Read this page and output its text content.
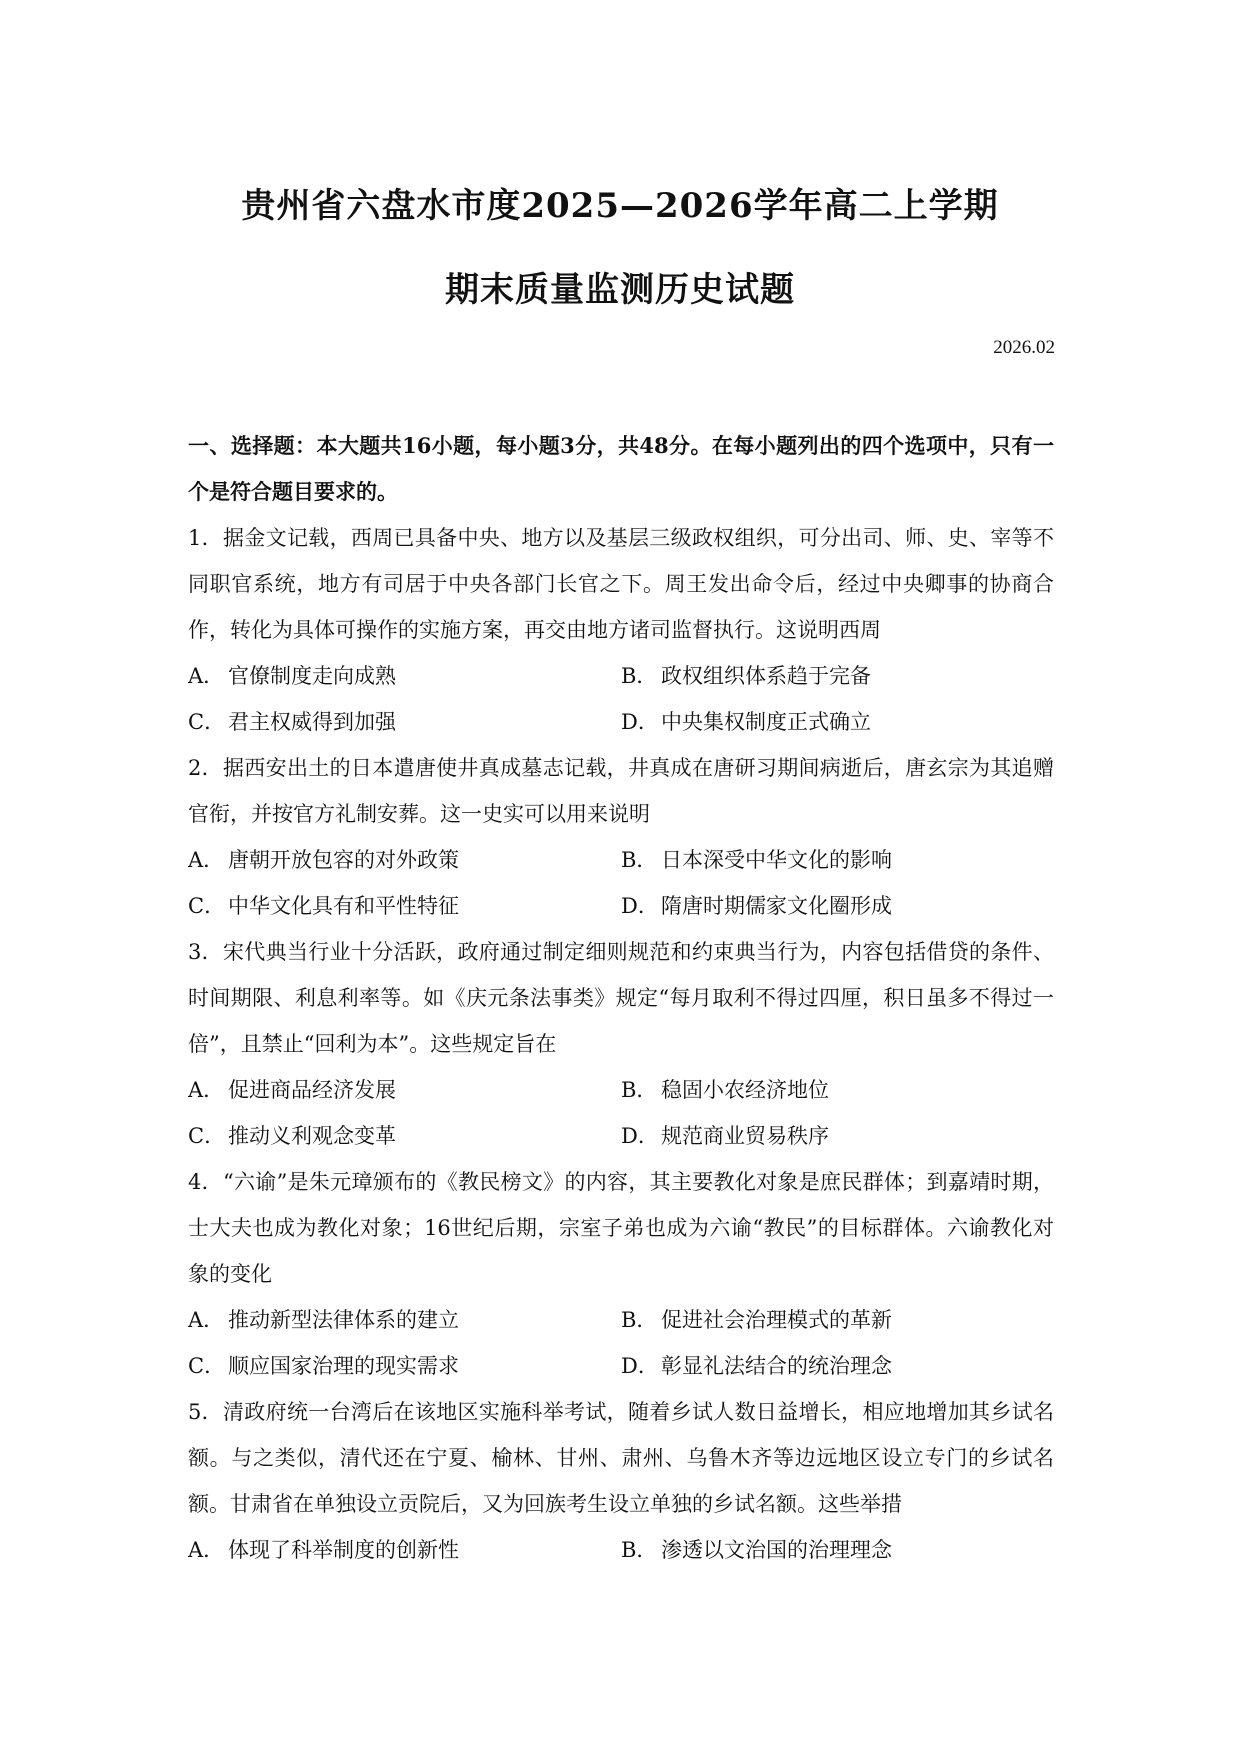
贵州省六盘水市度2025—2026学年高二上学期
期末质量监测历史试题
2026.02
一、选择题：本大题共16小题，每小题3分，共48分。在每小题列出的四个选项中，只有一个是符合题目要求的。
1．据金文记载，西周已具备中央、地方以及基层三级政权组织，可分出司、师、史、宰等不同职官系统，地方有司居于中央各部门长官之下。周王发出命令后，经过中央卿事的协商合作，转化为具体可操作的实施方案，再交由地方诸司监督执行。这说明西周
A． 官僚制度走向成熟	B． 政权组织体系趋于完备
C． 君主权威得到加强	D． 中央集权制度正式确立
2．据西安出土的日本遣唐使井真成墓志记载，井真成在唐研习期间病逝后，唐玄宗为其追赠官衔，并按官方礼制安葬。这一史实可以用来说明
A． 唐朝开放包容的对外政策	B． 日本深受中华文化的影响
C． 中华文化具有和平性特征	D． 隋唐时期儒家文化圈形成
3．宋代典当行业十分活跃，政府通过制定细则规范和约束典当行为，内容包括借贷的条件、时间期限、利息利率等。如《庆元条法事类》规定“每月取利不得过四厘，积日虽多不得过一倍”，且禁止“回利为本”。这些规定旨在
A． 促进商品经济发展	B． 稳固小农经济地位
C． 推动义利观念变革	D． 规范商业贸易秩序
4．“六谕”是朱元璋颁布的《教民榜文》的内容，其主要教化对象是庶民群体；到嘉靖时期，士大夫也成为教化对象；16世纪后期，宗室子弟也成为六谕“教民”的目标群体。六谕教化对象的变化
A． 推动新型法律体系的建立	B． 促进社会治理模式的革新
C． 顺应国家治理的现实需求	D． 彰显礼法结合的统治理念
5．清政府统一台湾后在该地区实施科举考试，随着乡试人数日益增长，相应地增加其乡试名额。与之类似，清代还在宁夏、榆林、甘州、肃州、乌鲁木齐等边远地区设立专门的乡试名额。甘肃省在单独设立贡院后，又为回族考生设立单独的乡试名额。这些举措
A． 体现了科举制度的创新性	B． 渗透以文治国的治理理念
